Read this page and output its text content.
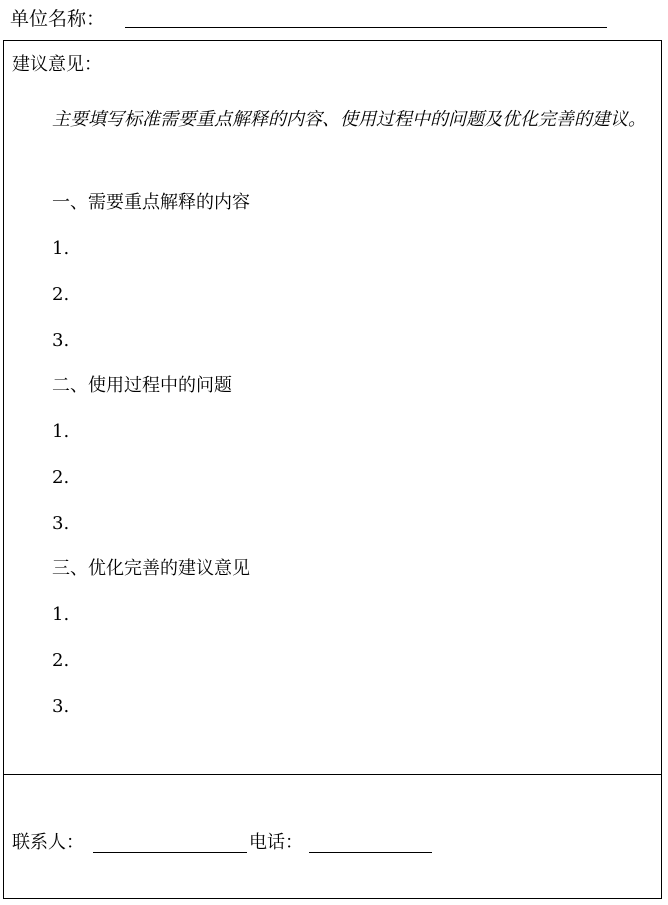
单位名称：
建议意见：
主要填写标准需要重点解释的内容、使用过程中的问题及优化完善的建议。
一、需要重点解释的内容
1.
2.
3.
二、使用过程中的问题
1.
2.
3.
三、优化完善的建议意见
1.
2.
3.
联系人：	电话：
